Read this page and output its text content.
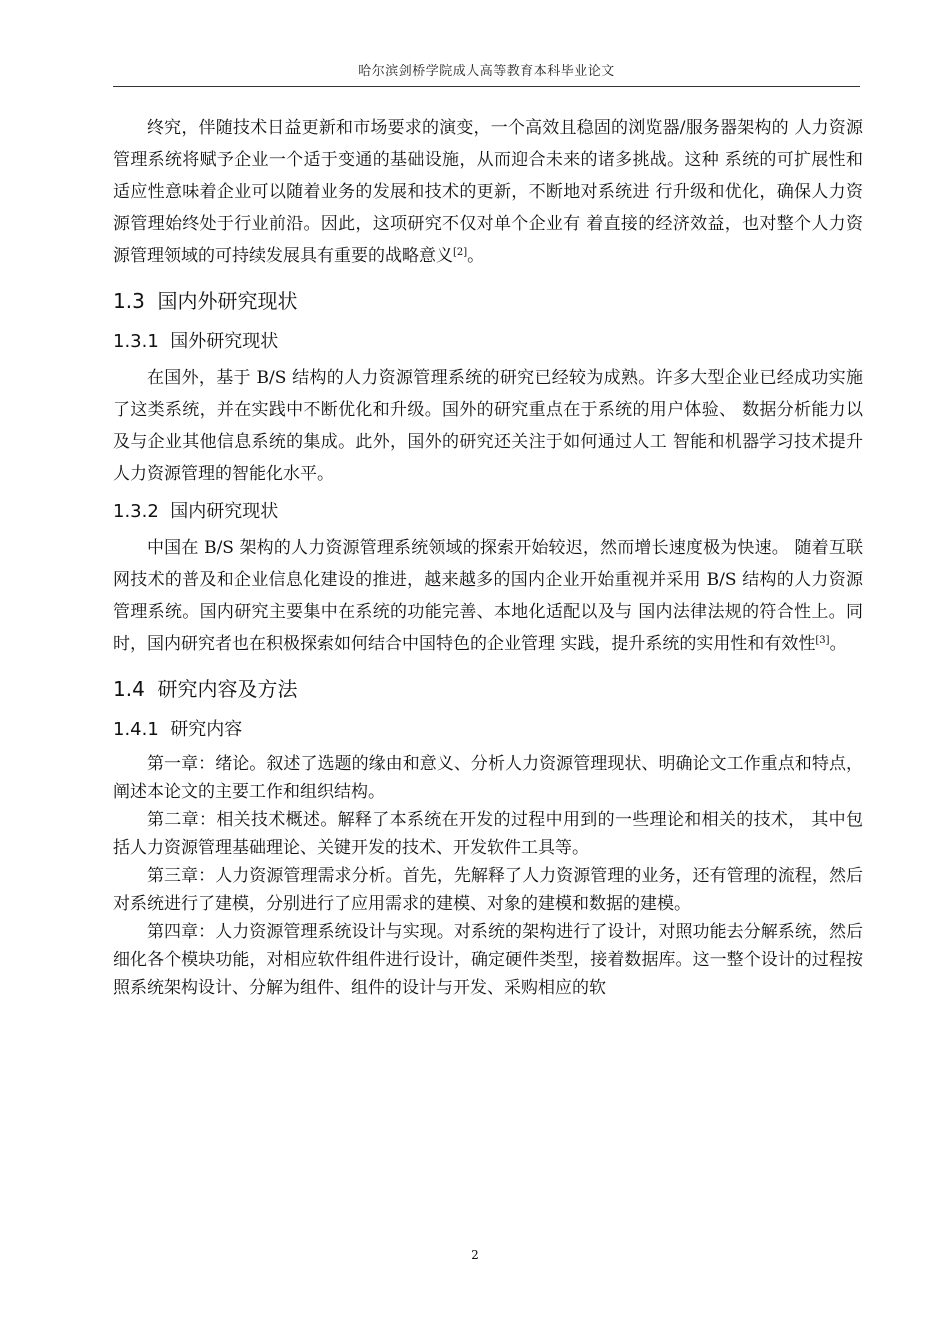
哈尔滨剑桥学院成人高等教育本科毕业论文

终究，伴随技术日益更新和市场要求的演变，一个高效且稳固的浏览器/服务器架构的 人力资源管理系统将赋予企业一个适于变通的基础设施，从而迎合未来的诸多挑战。这种 系统的可扩展性和适应性意味着企业可以随着业务的发展和技术的更新，不断地对系统进 行升级和优化，确保人力资源管理始终处于行业前沿。因此，这项研究不仅对单个企业有 着直接的经济效益，也对整个人力资源管理领域的可持续发展具有重要的战略意义[2]。

1.3 国内外研究现状
1.3.1 国外研究现状

在国外，基于 B/S 结构的人力资源管理系统的研究已经较为成熟。许多大型企业已经成功实施了这类系统，并在实践中不断优化和升级。国外的研究重点在于系统的用户体验、 数据分析能力以及与企业其他信息系统的集成。此外，国外的研究还关注于如何通过人工 智能和机器学习技术提升人力资源管理的智能化水平。

1.3.2 国内研究现状

中国在 B/S 架构的人力资源管理系统领域的探索开始较迟，然而增长速度极为快速。 随着互联网技术的普及和企业信息化建设的推进，越来越多的国内企业开始重视并采用 B/S 结构的人力资源管理系统。国内研究主要集中在系统的功能完善、本地化适配以及与 国内法律法规的符合性上。同时，国内研究者也在积极探索如何结合中国特色的企业管理 实践，提升系统的实用性和有效性[3]。

1.4 研究内容及方法
1.4.1 研究内容

第一章：绪论。叙述了选题的缘由和意义、分析人力资源管理现状、明确论文工作重点和特点，阐述本论文的主要工作和组织结构。

第二章：相关技术概述。解释了本系统在开发的过程中用到的一些理论和相关的技术， 其中包括人力资源管理基础理论、关键开发的技术、开发软件工具等。

第三章：人力资源管理需求分析。首先，先解释了人力资源管理的业务，还有管理的流程，然后对系统进行了建模，分别进行了应用需求的建模、对象的建模和数据的建模。

第四章：人力资源管理系统设计与实现。对系统的架构进行了设计，对照功能去分解系统，然后细化各个模块功能，对相应软件组件进行设计，确定硬件类型，接着数据库。这一整个设计的过程按照系统架构设计、分解为组件、组件的设计与开发、采购相应的软

2
